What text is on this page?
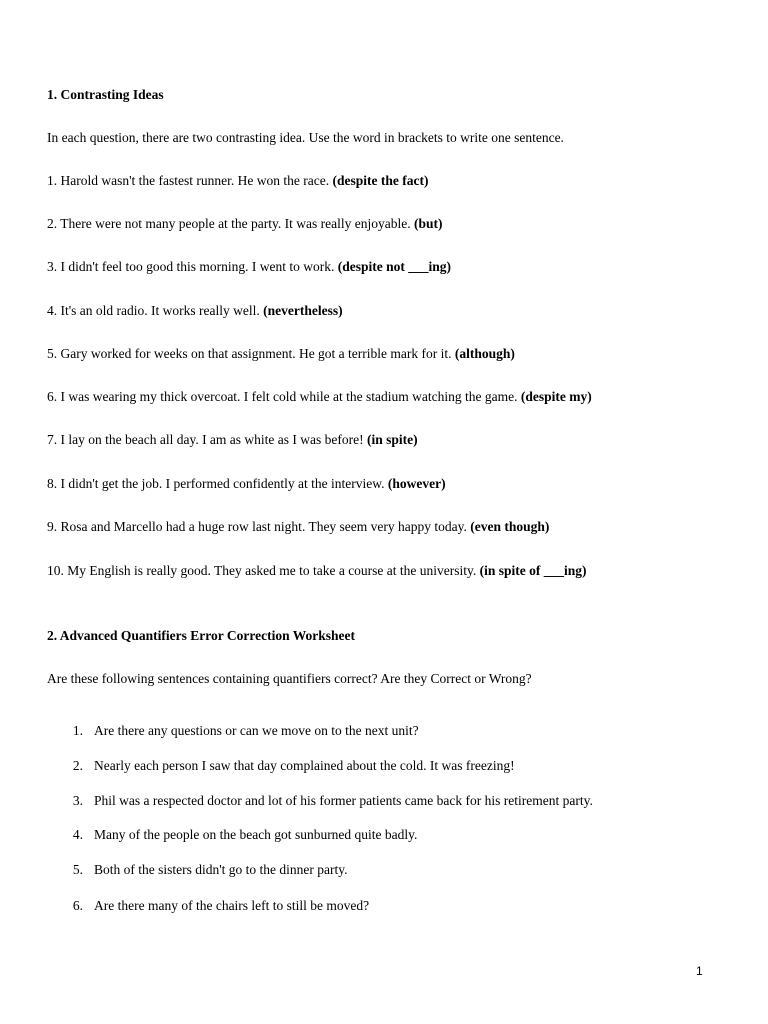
1. Contrasting Ideas
In each question, there are two contrasting idea. Use the word in brackets to write one sentence.
1. Harold wasn't the fastest runner. He won the race. (despite the fact)
2. There were not many people at the party. It was really enjoyable. (but)
3. I didn't feel too good this morning. I went to work. (despite not ___ing)
4. It's an old radio. It works really well. (nevertheless)
5. Gary worked for weeks on that assignment. He got a terrible mark for it. (although)
6. I was wearing my thick overcoat. I felt cold while at the stadium watching the game. (despite my)
7. I lay on the beach all day. I am as white as I was before! (in spite)
8. I didn't get the job. I performed confidently at the interview. (however)
9. Rosa and Marcello had a huge row last night. They seem very happy today. (even though)
10. My English is really good. They asked me to take a course at the university. (in spite of ___ing)
2. Advanced Quantifiers Error Correction Worksheet
Are these following sentences containing quantifiers correct? Are they Correct or Wrong?
1. Are there any questions or can we move on to the next unit?
2. Nearly each person I saw that day complained about the cold. It was freezing!
3. Phil was a respected doctor and lot of his former patients came back for his retirement party.
4. Many of the people on the beach got sunburned quite badly.
5. Both of the sisters didn't go to the dinner party.
6. Are there many of the chairs left to still be moved?
1
